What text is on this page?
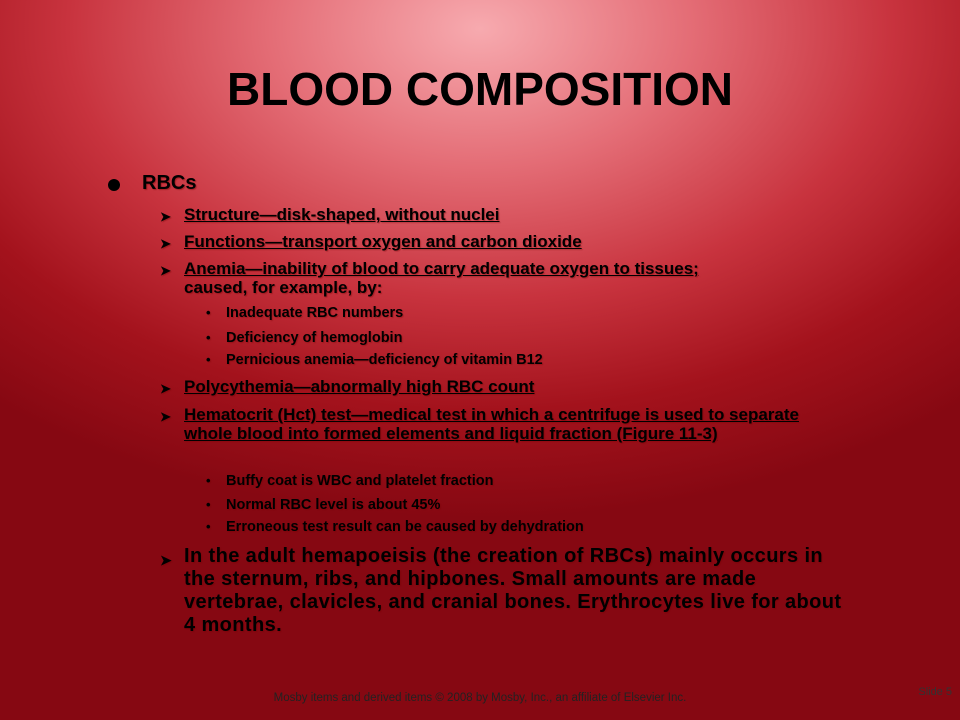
BLOOD COMPOSITION
RBCs
➤ Structure—disk-shaped, without nuclei
➤ Functions—transport oxygen and carbon dioxide
➤ Anemia—inability of blood to carry adequate oxygen to tissues;
caused, for example, by:
• Inadequate RBC numbers
• Deficiency of hemoglobin
• Pernicious anemia—deficiency of vitamin B12
➤ Polycythemia—abnormally high RBC count
➤ Hematocrit (Hct) test—medical test in which a centrifuge is used to separate whole blood into formed elements and liquid fraction (Figure 11-3)
• Buffy coat is WBC and platelet fraction
• Normal RBC level is about 45%
• Erroneous test result can be caused by dehydration
➤ In the adult hemapoeisis (the creation of RBCs) mainly occurs in the sternum, ribs, and hipbones. Small amounts are made vertebrae, clavicles, and cranial bones. Erythrocytes live for about 4 months.
Mosby items and derived items © 2008 by Mosby, Inc., an affiliate of Elsevier Inc.	Slide 5
